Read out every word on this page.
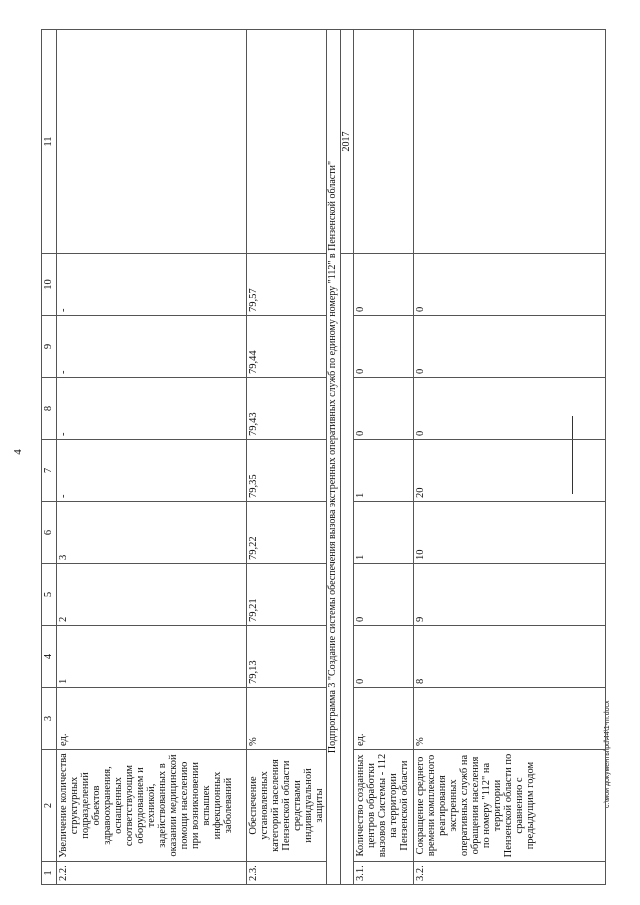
4
c:\мои документы\pd\44\1-m.docx
1	2	3	4	5	6	7	8	9	10	11
2.2.	Увеличение количества структурных подразделений объектов здравоохранения, оснащенных соответствующим оборудованием и техникой, задействованных в оказании медицинской помощи населению при возникновении вспышек инфекционных заболеваний	ед.	1	2	3	-	-	-	-	
2.3.	Обеспечение установленных категорий населения Пензенской области средствами индивидуальной защиты	%	79,13	79,21	79,22	79,35	79,43	79,44	79,57	
Подпрограмма 3 "Создание системы обеспечения вызова экстренных оперативных служб по единому номеру "112" в Пензенской области"										
										2017
3.1.	Количество созданных центров обработки вызовов Системы - 112 на территории Пензенской области	ед.	0	0	1	1	0	0	0	
3.2.	Сокращение среднего времени комплексного реагирования экстренных оперативных служб на обращения населения по номеру "112" на территории Пензенской области по сравнению с предыдущим годом	%	8	9	10	20	0	0	0	
